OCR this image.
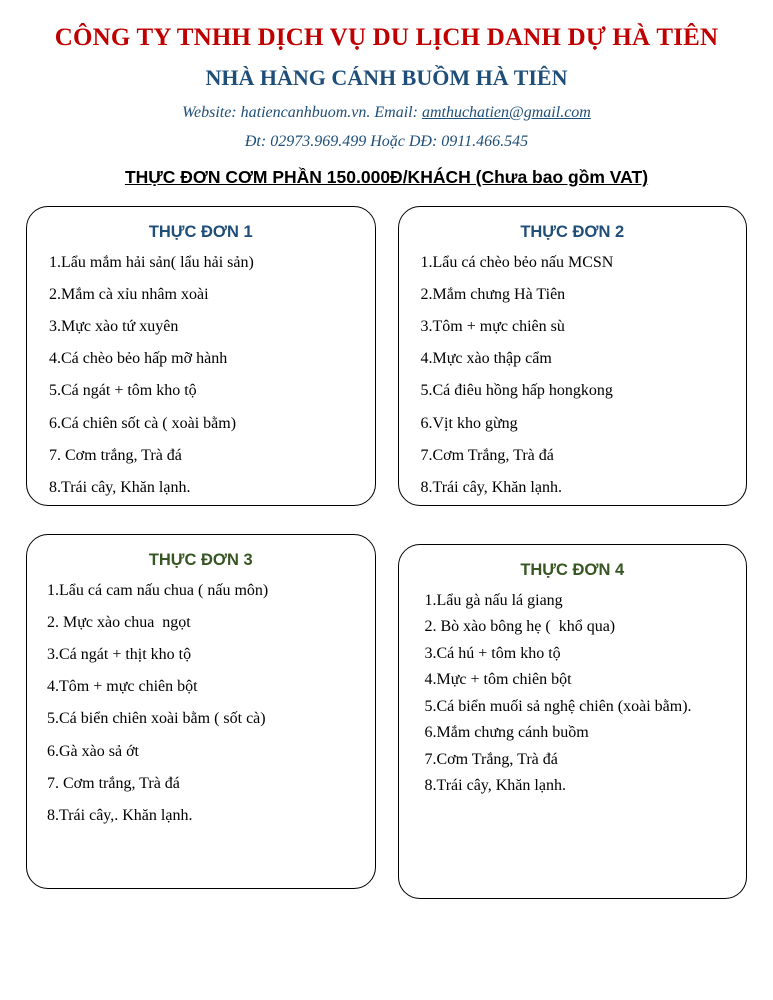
CÔNG TY TNHH DỊCH VỤ DU LỊCH DANH DỰ HÀ TIÊN
NHÀ HÀNG CÁNH BUỒM HÀ TIÊN
Website: hatiencanhbuom.vn. Email: amthuchatien@gmail.com
Đt: 02973.969.499 Hoặc DĐ: 0911.466.545
THỰC ĐƠN CƠM PHẦN 150.000Đ/KHÁCH (Chưa bao gồm VAT)
THỰC ĐƠN 1
1.Lẩu mắm hải sản( lẩu hải sản)
2.Mắm cà xỉu nhâm xoài
3.Mực xào tứ xuyên
4.Cá chèo bẻo hấp mỡ hành
5.Cá ngát + tôm kho tộ
6.Cá chiên sốt cà ( xoài bằm)
7. Cơm trắng, Trà đá
8.Trái cây, Khăn lạnh.
THỰC ĐƠN 2
1.Lẩu cá chèo bẻo nấu MCSN
2.Mắm chưng Hà Tiên
3.Tôm + mực chiên sù
4.Mực xào thập cẩm
5.Cá điêu hồng hấp hongkong
6.Vịt kho gừng
7.Cơm Trắng, Trà đá
8.Trái cây, Khăn lạnh.
THỰC ĐƠN 3
1.Lẩu cá cam nấu chua ( nấu môn)
2. Mực xào chua  ngọt
3.Cá ngát + thịt kho tộ
4.Tôm + mực chiên bột
5.Cá biển chiên xoài bằm ( sốt cà)
6.Gà xào sả ớt
7. Cơm trắng, Trà đá
8.Trái cây,. Khăn lạnh.
THỰC ĐƠN 4
1.Lẩu gà nấu lá giang
2. Bò xào bông hẹ (  khổ qua)
3.Cá hú + tôm kho tộ
4.Mực + tôm chiên bột
5.Cá biển muối sả nghệ chiên (xoài bằm).
6.Mắm chưng cánh buồm
7.Cơm Trắng, Trà đá
8.Trái cây, Khăn lạnh.
